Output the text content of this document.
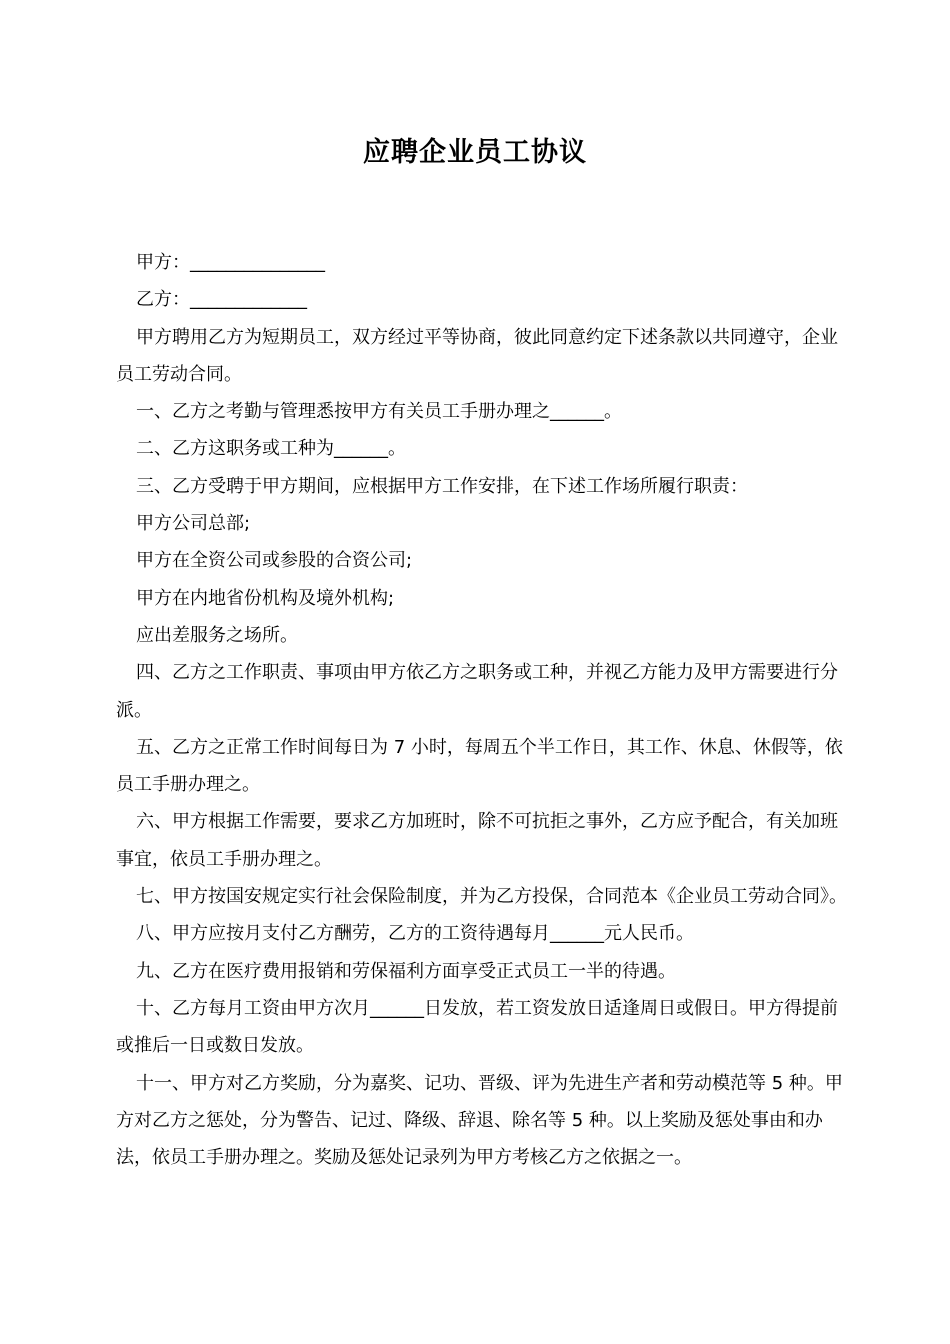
应聘企业员工协议

甲方：_______________

乙方：_____________

甲方聘用乙方为短期员工，双方经过平等协商，彼此同意约定下述条款以共同遵守，企业员工劳动合同。

一、乙方之考勤与管理悉按甲方有关员工手册办理之______。

二、乙方这职务或工种为______。

三、乙方受聘于甲方期间，应根据甲方工作安排，在下述工作场所履行职责：

甲方公司总部;

甲方在全资公司或参股的合资公司;

甲方在内地省份机构及境外机构;

应出差服务之场所。

四、乙方之工作职责、事项由甲方依乙方之职务或工种，并视乙方能力及甲方需要进行分派。

五、乙方之正常工作时间每日为 7 小时，每周五个半工作日，其工作、休息、休假等，依员工手册办理之。

六、甲方根据工作需要，要求乙方加班时，除不可抗拒之事外，乙方应予配合，有关加班事宜，依员工手册办理之。

七、甲方按国安规定实行社会保险制度，并为乙方投保，合同范本《企业员工劳动合同》。

八、甲方应按月支付乙方酬劳，乙方的工资待遇每月______元人民币。

九、乙方在医疗费用报销和劳保福利方面享受正式员工一半的待遇。

十、乙方每月工资由甲方次月______日发放，若工资发放日适逢周日或假日。甲方得提前或推后一日或数日发放。

十一、甲方对乙方奖励，分为嘉奖、记功、晋级、评为先进生产者和劳动模范等 5 种。甲方对乙方之惩处，分为警告、记过、降级、辞退、除名等 5 种。以上奖励及惩处事由和办法，依员工手册办理之。奖励及惩处记录列为甲方考核乙方之依据之一。
